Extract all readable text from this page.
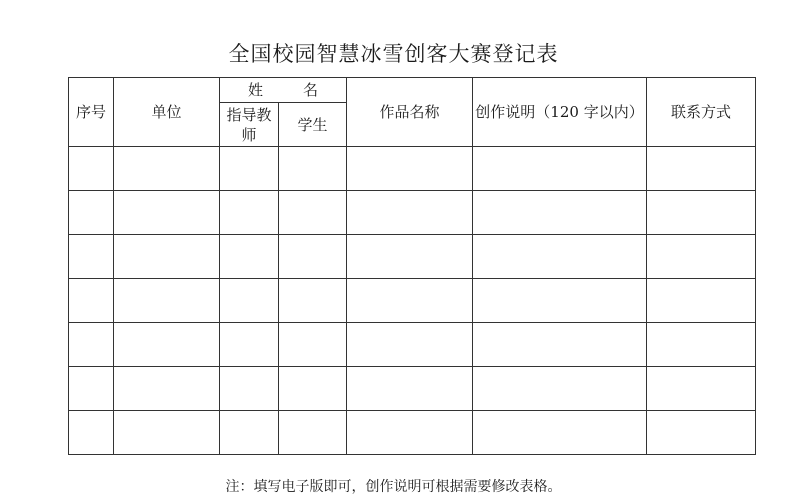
全国校园智慧冰雪创客大赛登记表
序号	单位	姓 名		作品名称	创作说明（120 字以内）	联系方式
		指导教师	学生			

注：填写电子版即可，创作说明可根据需要修改表格。
